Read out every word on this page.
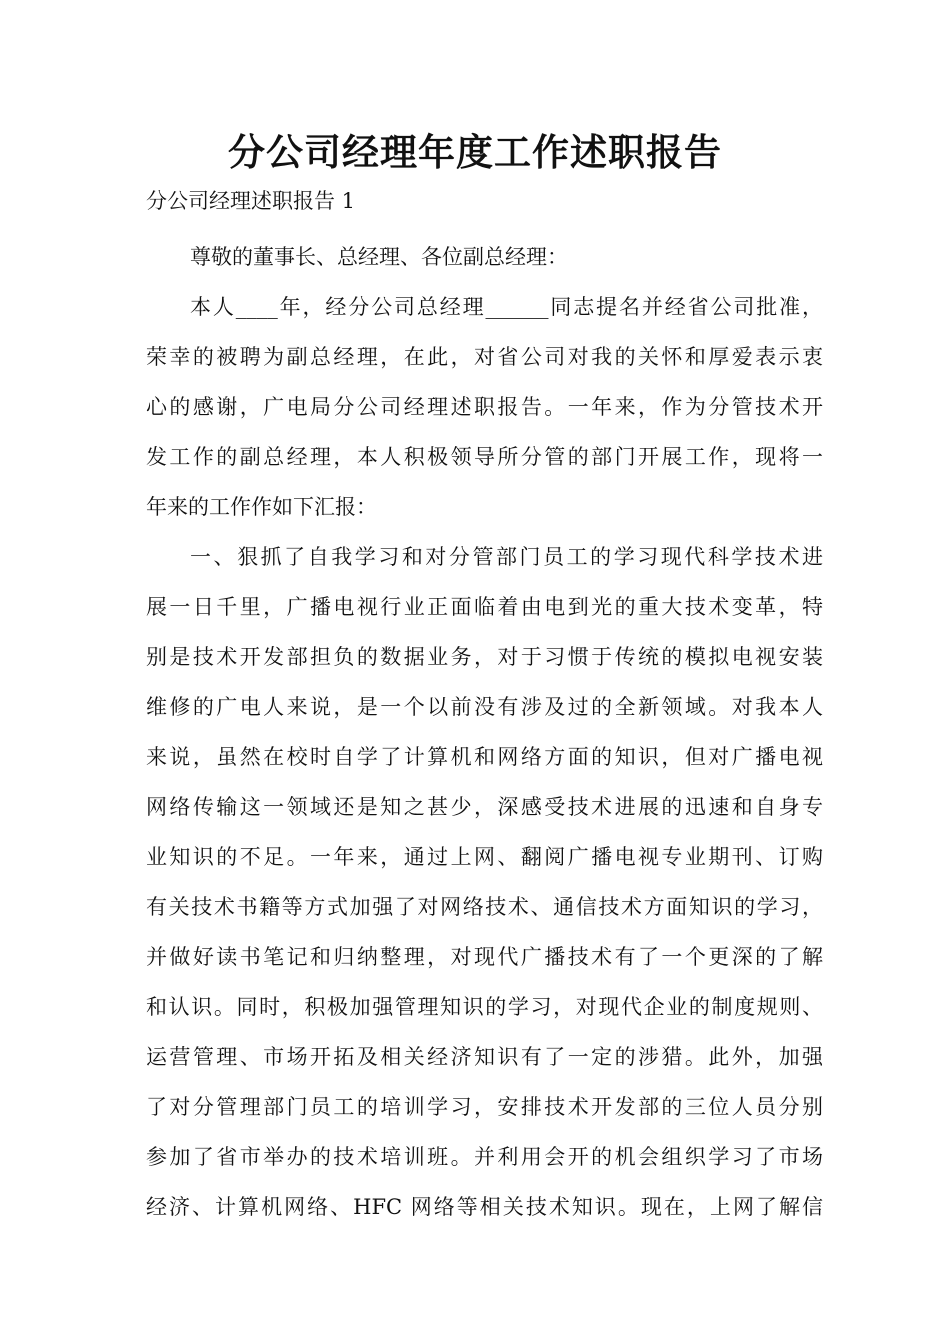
分公司经理年度工作述职报告

分公司经理述职报告 1

尊敬的董事长、总经理、各位副总经理：
本人____年，经分公司总经理______同志提名并经省公司批准，
荣幸的被聘为副总经理，在此，对省公司对我的关怀和厚爱表示衷
心的感谢，广电局分公司经理述职报告。一年来，作为分管技术开
发工作的副总经理，本人积极领导所分管的部门开展工作，现将一
年来的工作作如下汇报：
一、狠抓了自我学习和对分管部门员工的学习现代科学技术进
展一日千里，广播电视行业正面临着由电到光的重大技术变革，特
别是技术开发部担负的数据业务，对于习惯于传统的模拟电视安装
维修的广电人来说，是一个以前没有涉及过的全新领域。对我本人
来说，虽然在校时自学了计算机和网络方面的知识，但对广播电视
网络传输这一领域还是知之甚少，深感受技术进展的迅速和自身专
业知识的不足。一年来，通过上网、翻阅广播电视专业期刊、订购
有关技术书籍等方式加强了对网络技术、通信技术方面知识的学习，
并做好读书笔记和归纳整理，对现代广播技术有了一个更深的了解
和认识。同时，积极加强管理知识的学习，对现代企业的制度规则、
运营管理、市场开拓及相关经济知识有了一定的涉猎。此外，加强
了对分管理部门员工的培训学习，安排技术开发部的三位人员分别
参加了省市举办的技术培训班。并利用会开的机会组织学习了市场
经济、计算机网络、HFC 网络等相关技术知识。现在，上网了解信
